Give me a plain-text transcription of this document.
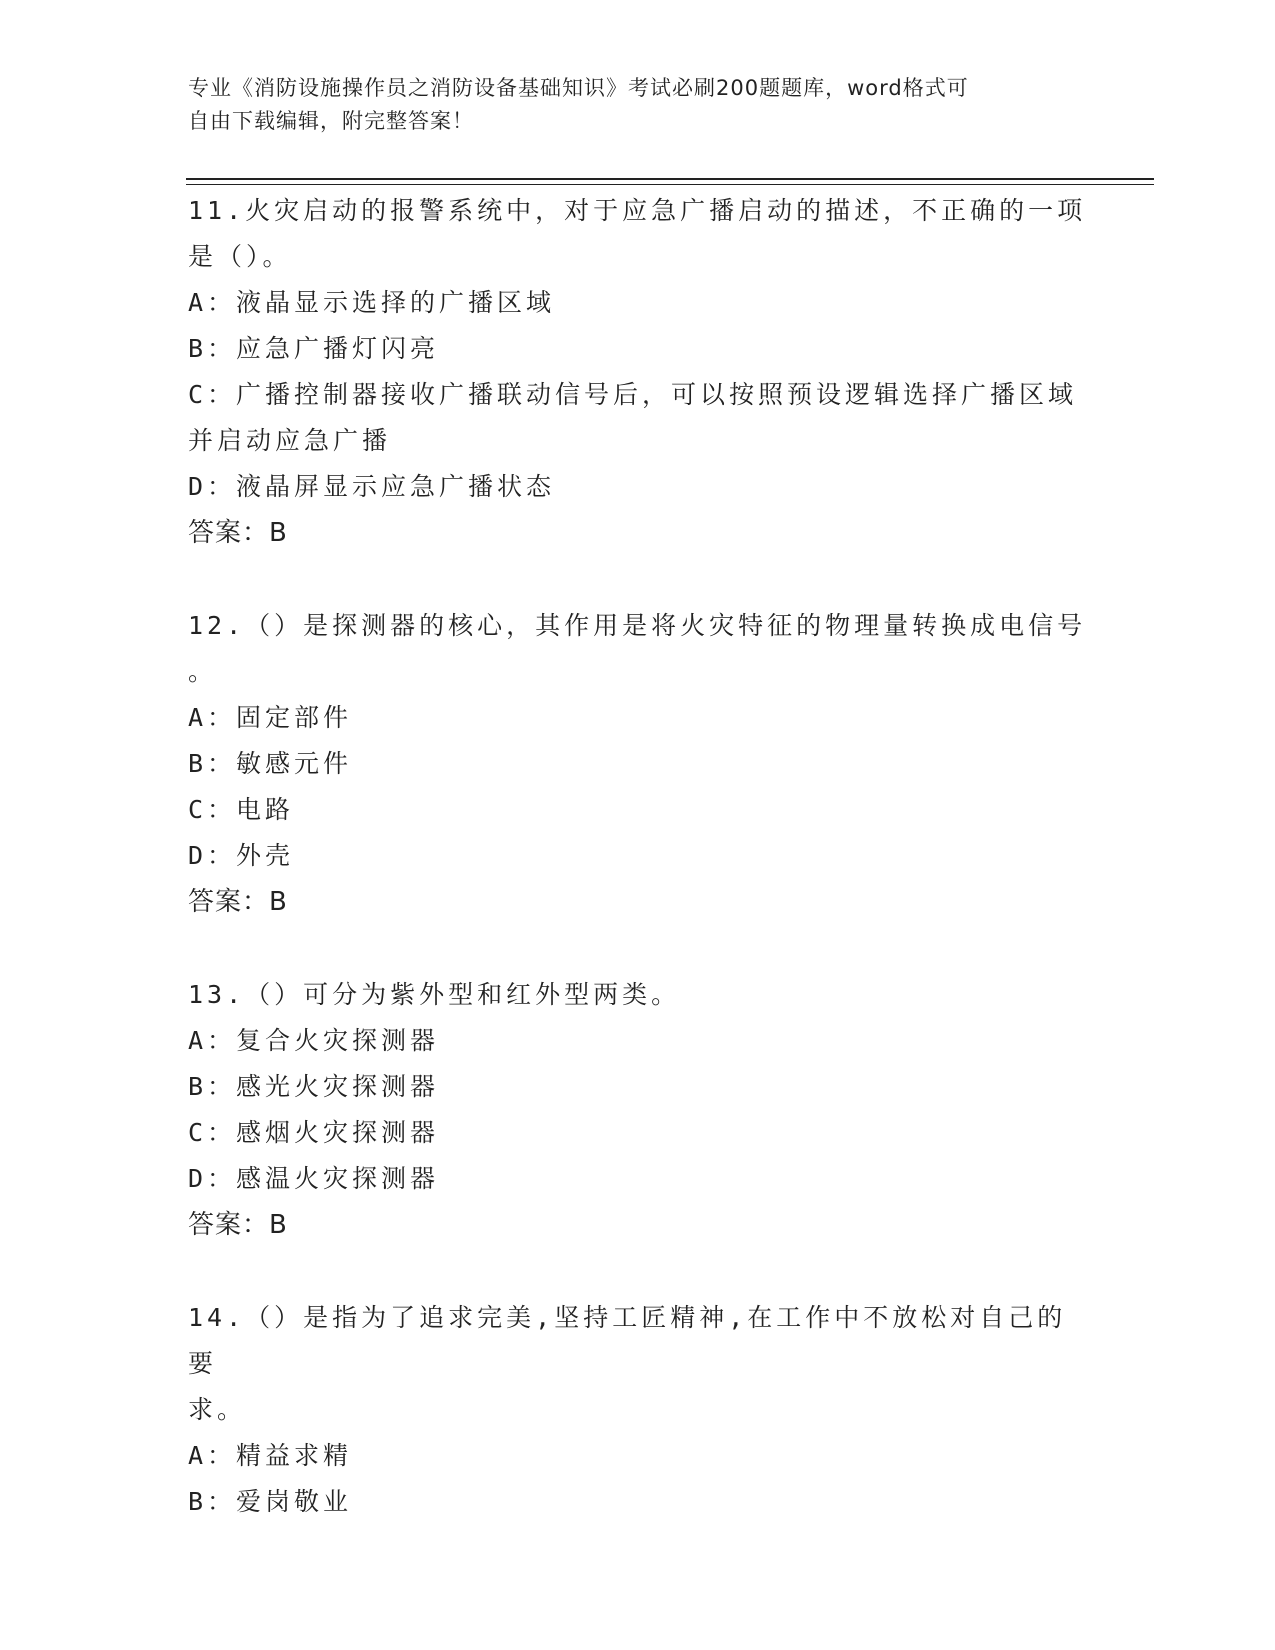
专业《消防设施操作员之消防设备基础知识》考试必刷200题题库，word格式可
自由下载编辑，附完整答案！

11.火灾启动的报警系统中，对于应急广播启动的描述，不正确的一项

是（）。

A：液晶显示选择的广播区域

B：应急广播灯闪亮

C：广播控制器接收广播联动信号后，可以按照预设逻辑选择广播区域

并启动应急广播

D：液晶屏显示应急广播状态

答案：B

12.（）是探测器的核心，其作用是将火灾特征的物理量转换成电信号

。

A：固定部件

B：敏感元件

C：电路

D：外壳

答案：B

13.（）可分为紫外型和红外型两类。

A：复合火灾探测器

B：感光火灾探测器

C：感烟火灾探测器

D：感温火灾探测器

答案：B

14.（）是指为了追求完美,坚持工匠精神,在工作中不放松对自己的要

求。

A：精益求精

B：爱岗敬业
